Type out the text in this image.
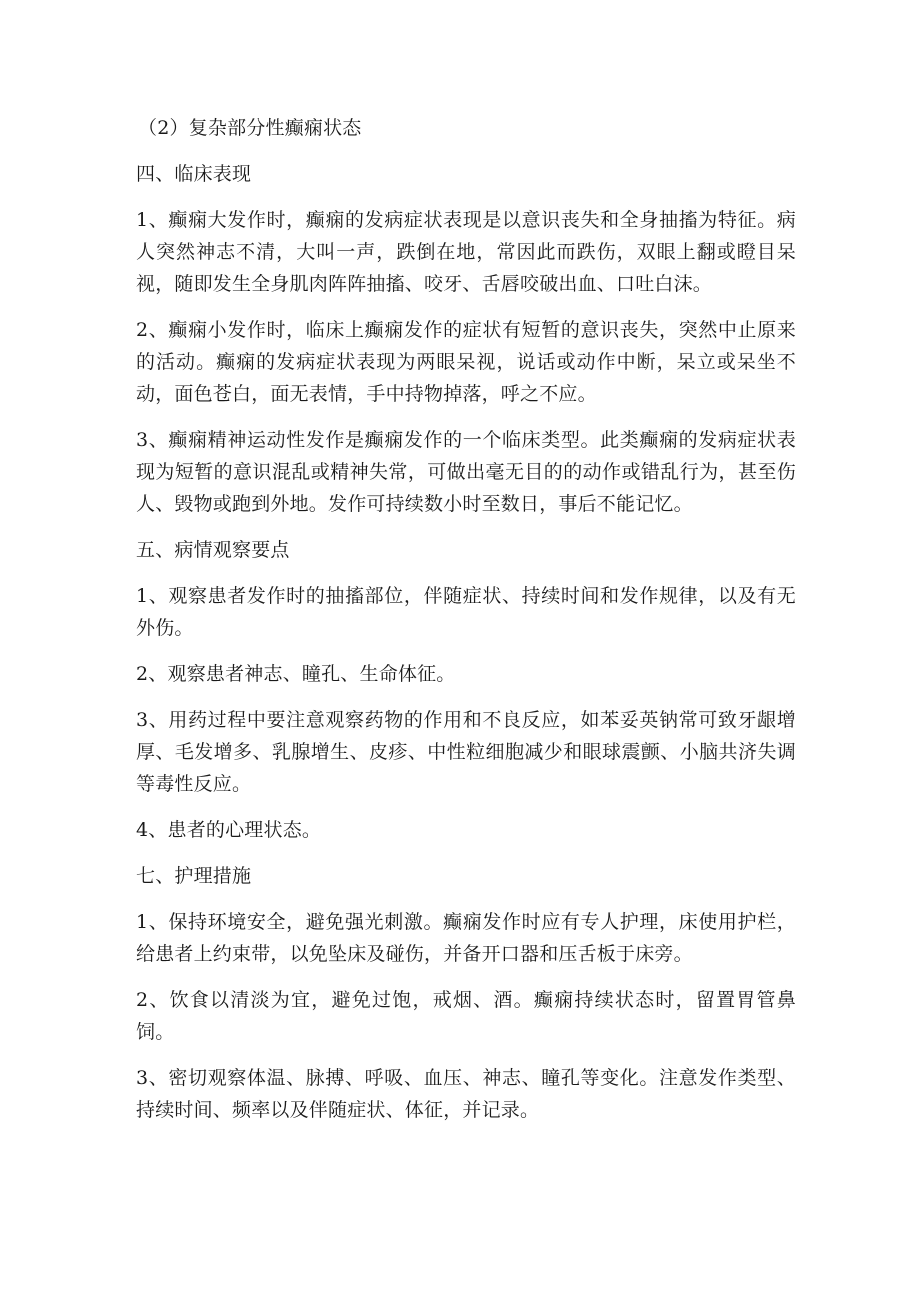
（2）复杂部分性癫痫状态

四、临床表现

1、癫痫大发作时，癫痫的发病症状表现是以意识丧失和全身抽搐为特征。病人突然神志不清，大叫一声，跌倒在地，常因此而跌伤，双眼上翻或瞪目呆视，随即发生全身肌肉阵阵抽搐、咬牙、舌唇咬破出血、口吐白沫。

2、癫痫小发作时，临床上癫痫发作的症状有短暂的意识丧失，突然中止原来的活动。癫痫的发病症状表现为两眼呆视，说话或动作中断，呆立或呆坐不动，面色苍白，面无表情，手中持物掉落，呼之不应。

3、癫痫精神运动性发作是癫痫发作的一个临床类型。此类癫痫的发病症状表现为短暂的意识混乱或精神失常，可做出毫无目的的动作或错乱行为，甚至伤人、毁物或跑到外地。发作可持续数小时至数日，事后不能记忆。

五、病情观察要点

1、观察患者发作时的抽搐部位，伴随症状、持续时间和发作规律，以及有无外伤。

2、观察患者神志、瞳孔、生命体征。

3、用药过程中要注意观察药物的作用和不良反应，如苯妥英钠常可致牙龈增厚、毛发增多、乳腺增生、皮疹、中性粒细胞减少和眼球震颤、小脑共济失调等毒性反应。

4、患者的心理状态。

七、护理措施

1、保持环境安全，避免强光刺激。癫痫发作时应有专人护理，床使用护栏，给患者上约束带，以免坠床及碰伤，并备开口器和压舌板于床旁。

2、饮食以清淡为宜，避免过饱，戒烟、酒。癫痫持续状态时，留置胃管鼻饲。

3、密切观察体温、脉搏、呼吸、血压、神志、瞳孔等变化。注意发作类型、持续时间、频率以及伴随症状、体征，并记录。
